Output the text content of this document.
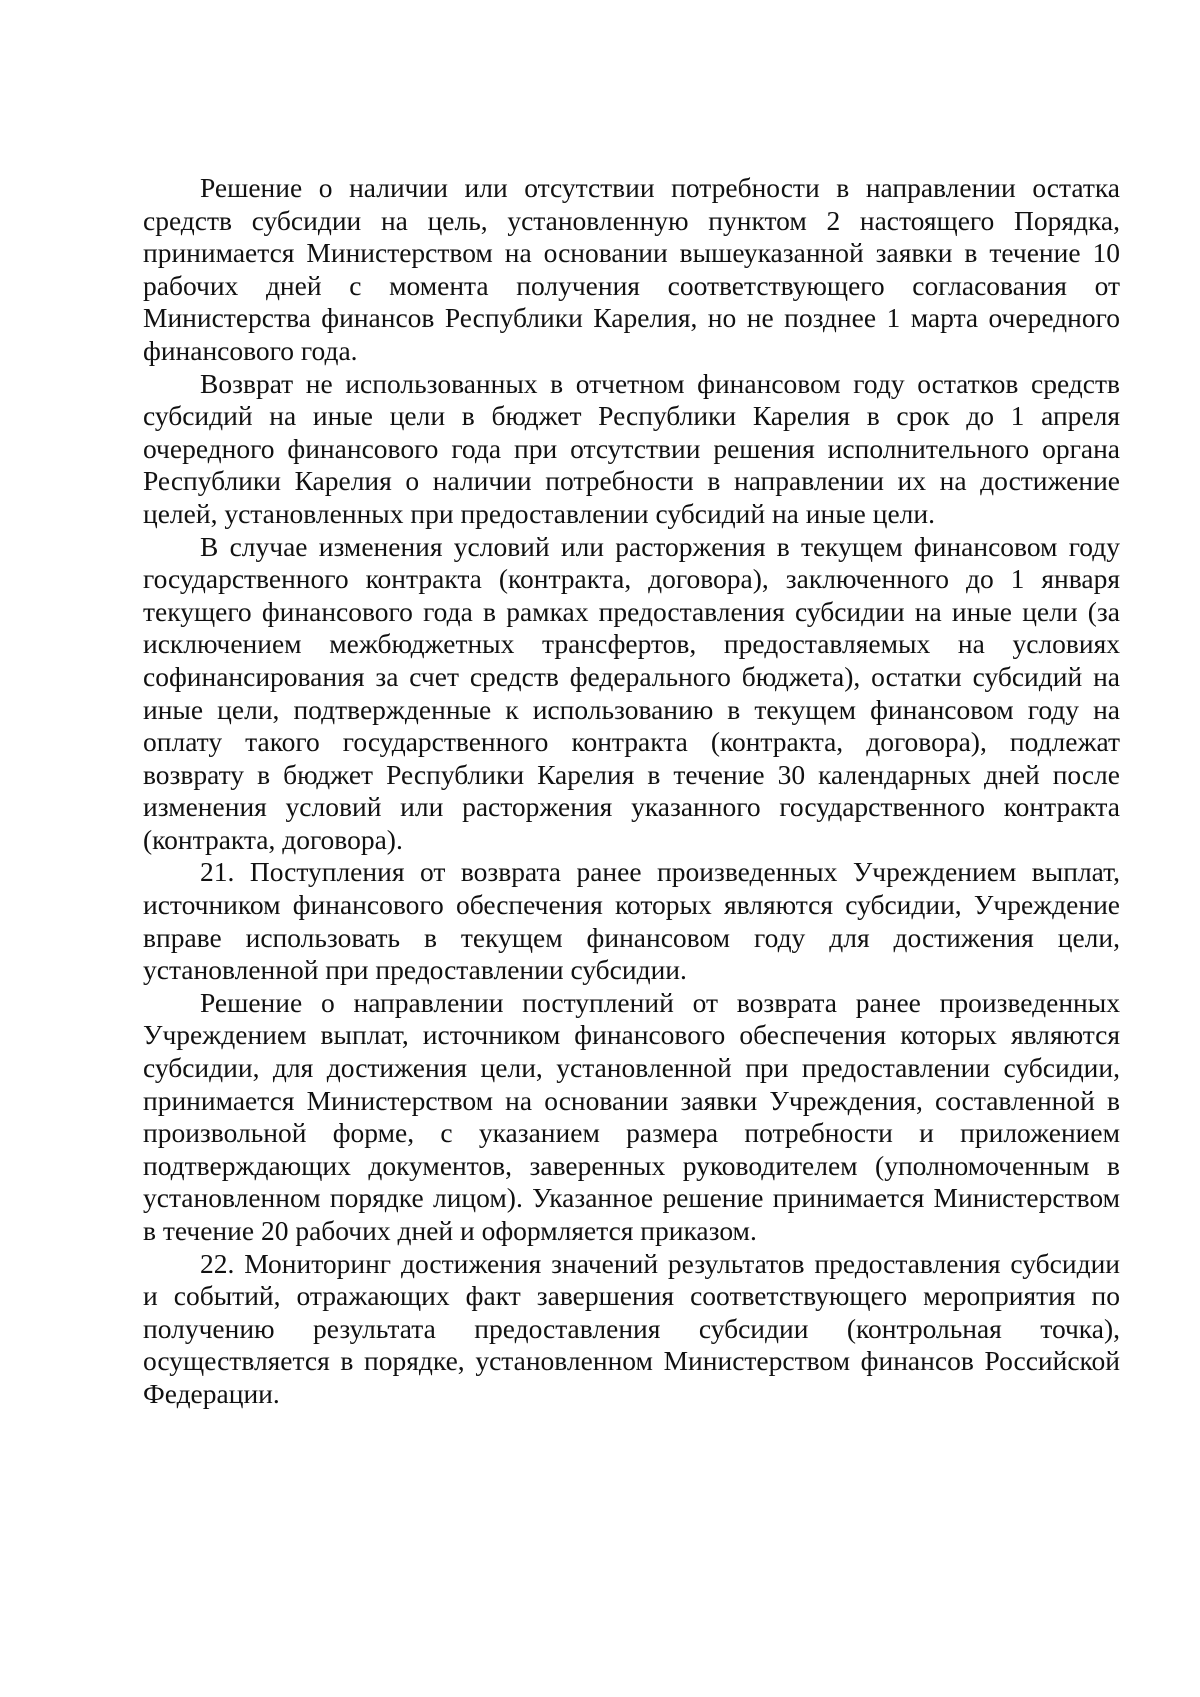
Решение о наличии или отсутствии потребности в направлении остатка средств субсидии на цель, установленную пунктом 2 настоящего Порядка, принимается Министерством на основании вышеуказанной заявки в течение 10 рабочих дней с момента получения соответствующего согласования от Министерства финансов Республики Карелия, но не позднее 1 марта очередного финансового года.

Возврат не использованных в отчетном финансовом году остатков средств субсидий на иные цели в бюджет Республики Карелия в срок до 1 апреля очередного финансового года при отсутствии решения исполнительного органа Республики Карелия о наличии потребности в направлении их на достижение целей, установленных при предоставлении субсидий на иные цели.

В случае изменения условий или расторжения в текущем финансовом году государственного контракта (контракта, договора), заключенного до 1 января текущего финансового года в рамках предоставления субсидии на иные цели (за исключением межбюджетных трансфертов, предоставляемых на условиях софинансирования за счет средств федерального бюджета), остатки субсидий на иные цели, подтвержденные к использованию в текущем финансовом году на оплату такого государственного контракта (контракта, договора), подлежат возврату в бюджет Республики Карелия в течение 30 календарных дней после изменения условий или расторжения указанного государственного контракта (контракта, договора).

21. Поступления от возврата ранее произведенных Учреждением выплат, источником финансового обеспечения которых являются субсидии, Учреждение вправе использовать в текущем финансовом году для достижения цели, установленной при предоставлении субсидии.

Решение о направлении поступлений от возврата ранее произведенных Учреждением выплат, источником финансового обеспечения которых являются субсидии, для достижения цели, установленной при предоставлении субсидии, принимается Министерством на основании заявки Учреждения, составленной в произвольной форме, с указанием размера потребности и приложением подтверждающих документов, заверенных руководителем (уполномоченным в установленном порядке лицом). Указанное решение принимается Министерством в течение 20 рабочих дней и оформляется приказом.

22. Мониторинг достижения значений результатов предоставления субсидии и событий, отражающих факт завершения соответствующего мероприятия по получению результата предоставления субсидии (контрольная точка), осуществляется в порядке, установленном Министерством финансов Российской Федерации.
